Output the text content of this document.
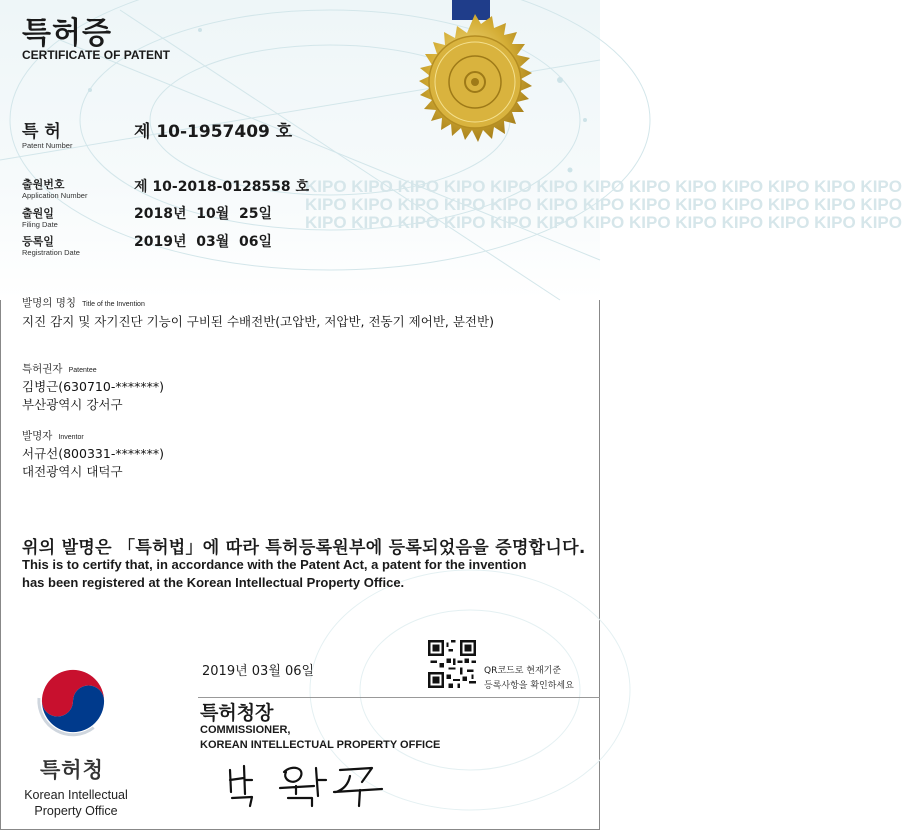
KIPO KIPO KIPO KIPO KIPO KIPO KIPO KIPO KIPO KIPO KIPO KIPO KIPO
KIPO KIPO KIPO KIPO KIPO KIPO KIPO KIPO KIPO KIPO KIPO KIPO KIPO
KIPO KIPO KIPO KIPO KIPO KIPO KIPO KIPO KIPO KIPO KIPO KIPO KIPO
특허증
CERTIFICATE OF PATENT
특 허
Patent Number
제 10-1957409 호
출원번호
Application Number
제 10-2018-0128558 호
출원일
Filing Date
2018년  10월  25일
등록일
Registration Date
2019년  03월  06일
발명의 명칭 Title of the Invention
지진 감지 및 자기진단 기능이 구비된 수배전반(고압반, 저압반, 전동기 제어반, 분전반)
특허권자 Patentee
김병근(630710-*******)
부산광역시 강서구
발명자 Inventor
서규선(800331-*******)
대전광역시 대덕구
위의 발명은 「특허법」에 따라 특허등록원부에 등록되었음을 증명합니다.
This is to certify that, in accordance with the Patent Act, a patent for the invention
has been registered at the Korean Intellectual Property Office.
2019년 03월 06일	QR코드로 현재기준
등록사항을 확인하세요
특허청장
COMMISSIONER,
KOREAN INTELLECTUAL PROPERTY OFFICE
특허청
Korean Intellectual
Property Office
